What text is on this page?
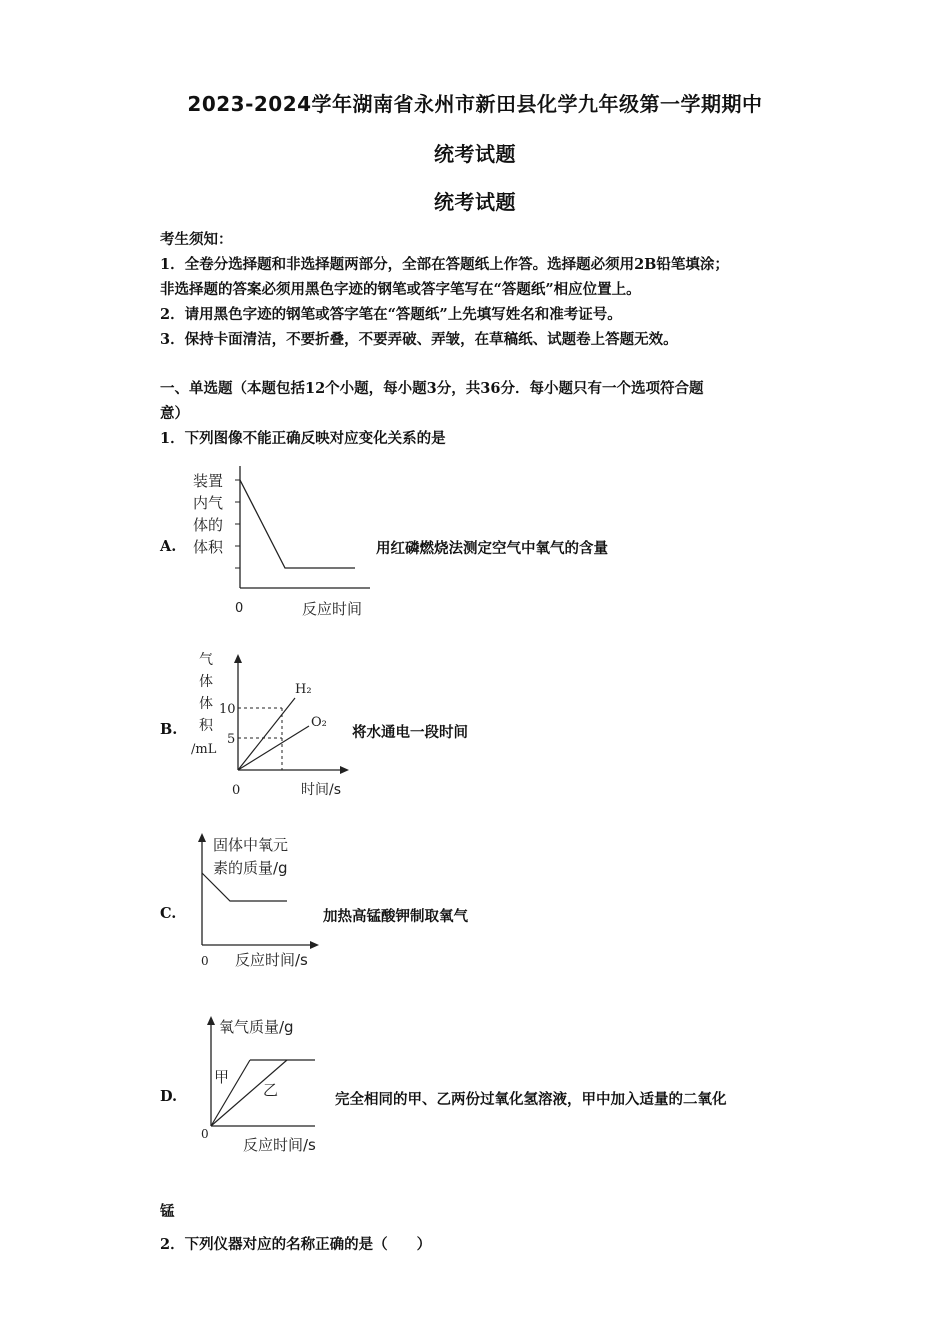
2023-2024学年湖南省永州市新田县化学九年级第一学期期中
统考试题
统考试题
考生须知：
1．全卷分选择题和非选择题两部分，全部在答题纸上作答。选择题必须用2B铅笔填涂；
非选择题的答案必须用黑色字迹的钢笔或答字笔写在“答题纸”相应位置上。
2．请用黑色字迹的钢笔或答字笔在“答题纸”上先填写姓名和准考证号。
3．保持卡面清洁，不要折叠，不要弄破、弄皱，在草稿纸、试题卷上答题无效。
一、单选题（本题包括12个小题，每小题3分，共36分．每小题只有一个选项符合题
意）
1．下列图像不能正确反映对应变化关系的是
A.
装置
内气
体的
体积
0	反应时间
用红磷燃烧法测定空气中氧气的含量
B.
气
体
体
积
/mL
10
5
H₂
O₂
0	时间/s
将水通电一段时间
C.
固体中氧元
素的质量/g
0 反应时间/s
加热高锰酸钾制取氧气
D.
氧气质量/g
甲
乙
0
反应时间/s
完全相同的甲、乙两份过氧化氢溶液，甲中加入适量的二氧化
锰
2．下列仪器对应的名称正确的是（　　）
